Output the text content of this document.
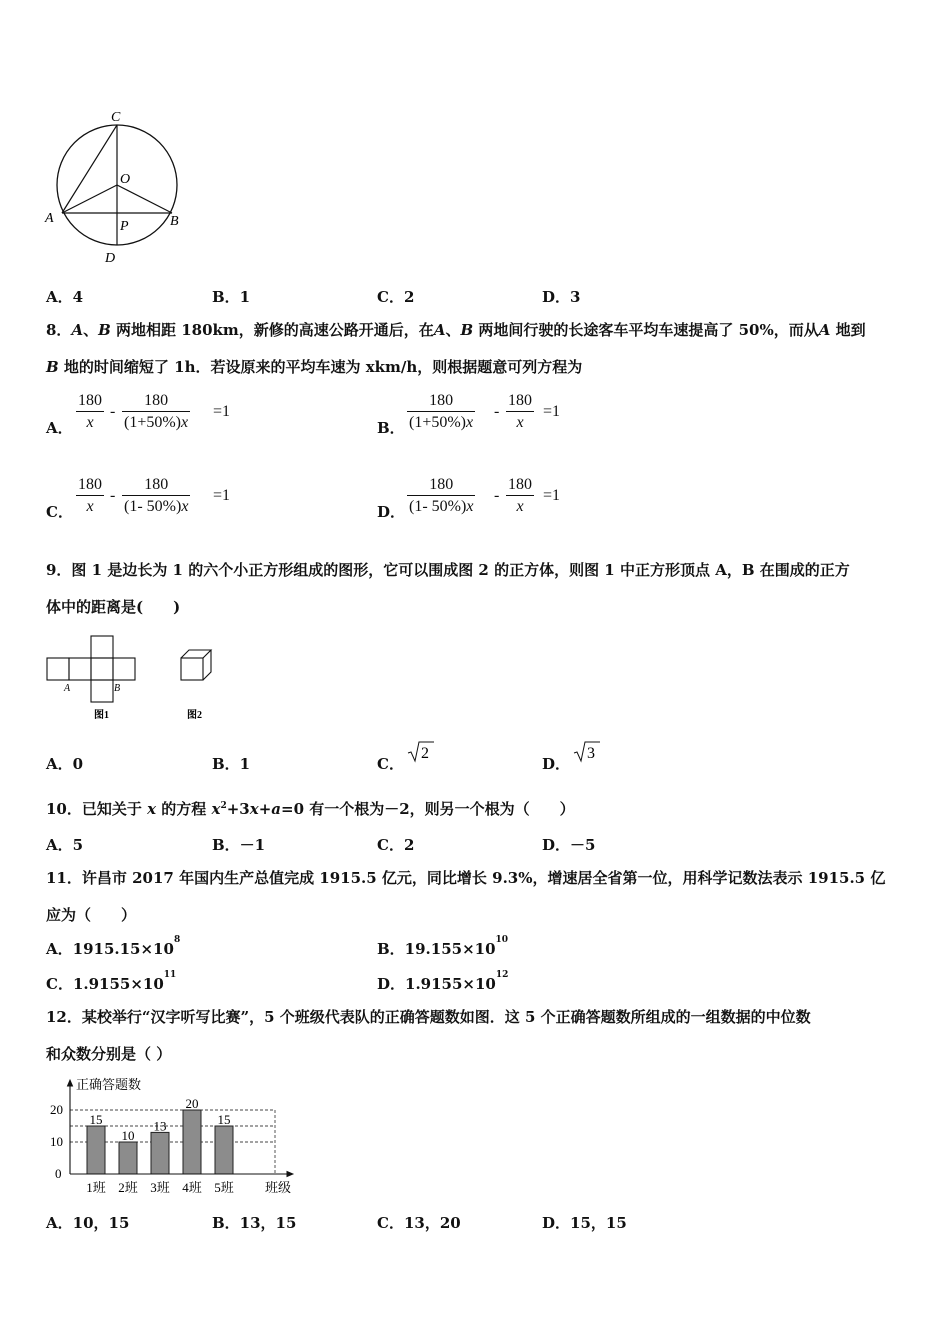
C
O
A	B
P
D
A．4	B．1	C．2	D．3
8．A、B 两地相距 180km，新修的高速公路开通后，在A、B 两地间行驶的长途客车平均车速提高了 50%，而从A 地到
B 地的时间缩短了 1h．若设原来的平均车速为 xkm/h，则根据题意可列方程为
A． $\frac{180}{x} - \frac{180}{(1+50\%)x} =1$
B． $\frac{180}{(1+50\%)x} - \frac{180}{x} =1$
C． $\frac{180}{x} - \frac{180}{(1- 50\%)x} =1$
D． $\frac{180}{(1- 50\%)x} - \frac{180}{x} =1$
9．图 1 是边长为 1 的六个小正方形组成的图形，它可以围成图 2 的正方体，则图 1 中正方形顶点 A，B 在围成的正方
体中的距离是(　　)
A	B
图1	图2
A．0	B．1	C．
2
D．
3
10．已知关于 x 的方程 $x^2+3x+a=0$ 有一个根为－2，则另一个根为（　　）
A．5	B．－1	C．2	D．－5
11．许昌市 2017 年国内生产总值完成 1915.5 亿元，同比增长 9.3%，增速居全省第一位，用科学记数法表示 1915.5 亿
应为（　　）
A．$1915.15\times 10^8$	B．$19.155\times 10^{10}$
C．$1.9155\times 10^{11}$	D．$1.9155\times 10^{12}$
12．某校举行“汉字听写比赛”，5 个班级代表队的正确答题数如图．这 5 个正确答题数所组成的一组数据的中位数
和众数分别是（ ）
15
10
13
20
15
0
10
20
1班 2班 3班 4班 5班
正确答题数
班级
A．10，15	B．13，15	C．13，20	D．15，15
